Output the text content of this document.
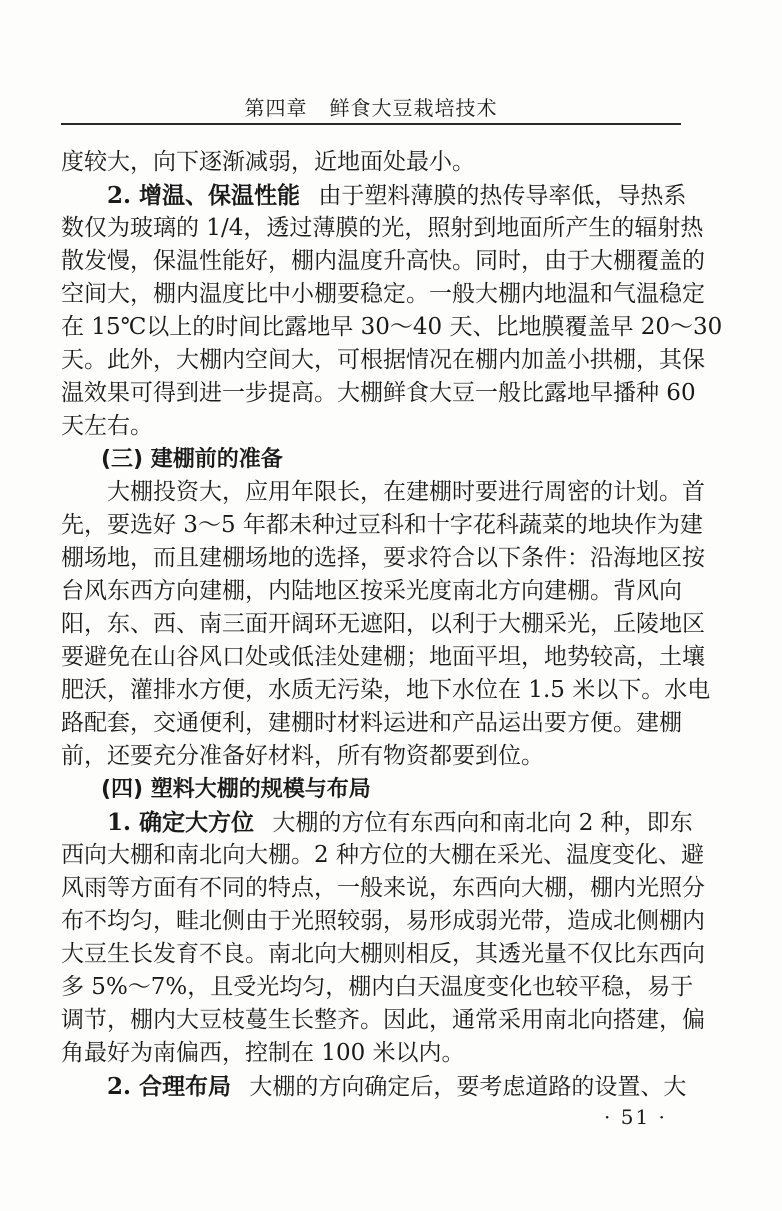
第四章 鲜食大豆栽培技术
度较大，向下逐渐减弱，近地面处最小。
2. 增温、保温性能 由于塑料薄膜的热传导率低，导热系
数仅为玻璃的 1/4，透过薄膜的光，照射到地面所产生的辐射热
散发慢，保温性能好，棚内温度升高快。同时，由于大棚覆盖的
空间大，棚内温度比中小棚要稳定。一般大棚内地温和气温稳定
在 15℃以上的时间比露地早 30～40 天、比地膜覆盖早 20～30
天。此外，大棚内空间大，可根据情况在棚内加盖小拱棚，其保
温效果可得到进一步提高。大棚鲜食大豆一般比露地早播种 60
天左右。
(三) 建棚前的准备
大棚投资大，应用年限长，在建棚时要进行周密的计划。首
先，要选好 3～5 年都未种过豆科和十字花科蔬菜的地块作为建
棚场地，而且建棚场地的选择，要求符合以下条件：沿海地区按
台风东西方向建棚，内陆地区按采光度南北方向建棚。背风向
阳，东、西、南三面开阔环无遮阳，以利于大棚采光，丘陵地区
要避免在山谷风口处或低洼处建棚；地面平坦，地势较高，土壤
肥沃，灌排水方便，水质无污染，地下水位在 1.5 米以下。水电
路配套，交通便利，建棚时材料运进和产品运出要方便。建棚
前，还要充分准备好材料，所有物资都要到位。
(四) 塑料大棚的规模与布局
1. 确定大方位 大棚的方位有东西向和南北向 2 种，即东
西向大棚和南北向大棚。2 种方位的大棚在采光、温度变化、避
风雨等方面有不同的特点，一般来说，东西向大棚，棚内光照分
布不均匀，畦北侧由于光照较弱，易形成弱光带，造成北侧棚内
大豆生长发育不良。南北向大棚则相反，其透光量不仅比东西向
多 5%～7%，且受光均匀，棚内白天温度变化也较平稳，易于
调节，棚内大豆枝蔓生长整齐。因此，通常采用南北向搭建，偏
角最好为南偏西，控制在 100 米以内。
2. 合理布局 大棚的方向确定后，要考虑道路的设置、大
· 51 ·
